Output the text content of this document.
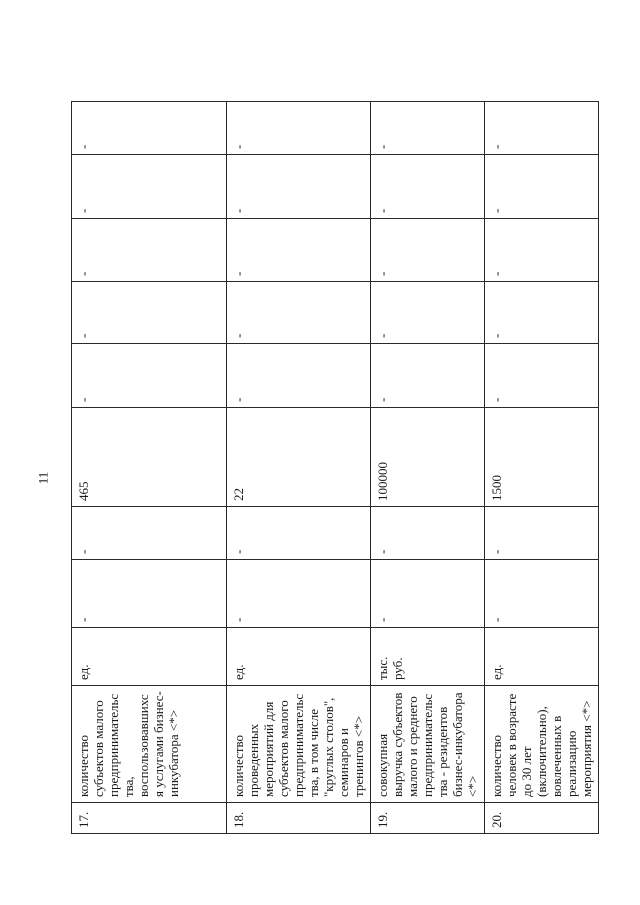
11
17.	количество субъектов малого предпринимательства, воспользовавшихся услугами бизнес-инкубатора <*>	ед.	-	-	465	-	-	-	-	-
18.	количество проведенных мероприятий для субъектов малого предпринимательства, в том числе "круглых столов", семинаров и тренингов <*>	ед.	-	-	22	-	-	-	-	-
19.	совокупная выручка субъектов малого и среднего предпринимательства - резидентов бизнес-инкубатора <*>	тыс. руб.	-	-	100000	-	-	-	-	-
20.	количество человек в возрасте до 30 лет (включительно), вовлеченных в реализацию мероприятия <*>	ед.	-	-	1500	-	-	-	-	-
